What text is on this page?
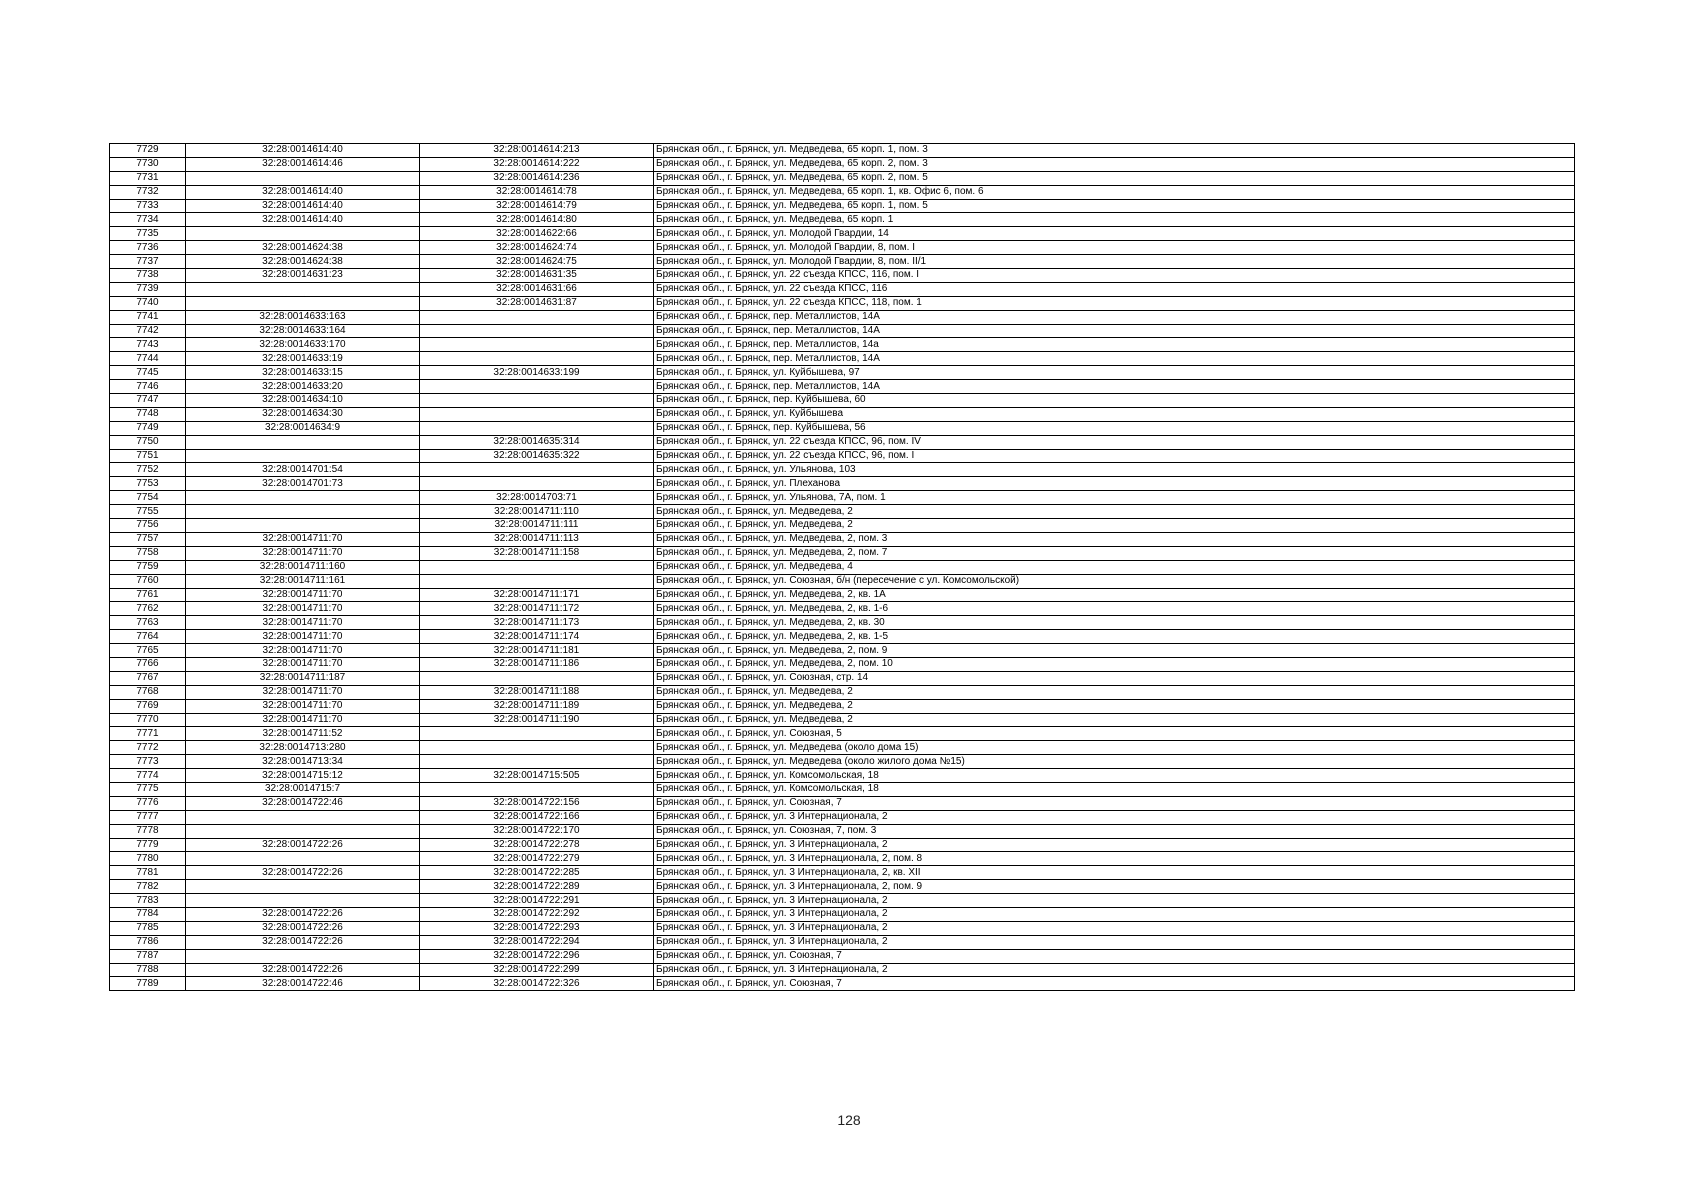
7729	32:28:0014614:40	32:28:0014614:213	Брянская обл., г. Брянск, ул. Медведева, 65 корп. 1, пом. 3
7730	32:28:0014614:46	32:28:0014614:222	Брянская обл., г. Брянск, ул. Медведева, 65 корп. 2, пом. 3
7731		32:28:0014614:236	Брянская обл., г. Брянск, ул. Медведева, 65 корп. 2, пом. 5
7732	32:28:0014614:40	32:28:0014614:78	Брянская обл., г. Брянск, ул. Медведева, 65 корп. 1, кв. Офис 6, пом. 6
7733	32:28:0014614:40	32:28:0014614:79	Брянская обл., г. Брянск, ул. Медведева, 65 корп. 1, пом. 5
7734	32:28:0014614:40	32:28:0014614:80	Брянская обл., г. Брянск, ул. Медведева, 65 корп. 1
7735		32:28:0014622:66	Брянская обл., г. Брянск, ул. Молодой Гвардии, 14
7736	32:28:0014624:38	32:28:0014624:74	Брянская обл., г. Брянск, ул. Молодой Гвардии, 8, пом. I
7737	32:28:0014624:38	32:28:0014624:75	Брянская обл., г. Брянск, ул. Молодой Гвардии, 8, пом. II/1
7738	32:28:0014631:23	32:28:0014631:35	Брянская обл., г. Брянск, ул. 22 съезда КПСС, 116, пом. I
7739		32:28:0014631:66	Брянская обл., г. Брянск, ул. 22 съезда КПСС, 116
7740		32:28:0014631:87	Брянская обл., г. Брянск, ул. 22 съезда КПСС, 118, пом. 1
7741	32:28:0014633:163		Брянская обл., г. Брянск, пер. Металлистов, 14А
7742	32:28:0014633:164		Брянская обл., г. Брянск, пер. Металлистов, 14А
7743	32:28:0014633:170		Брянская обл., г. Брянск, пер. Металлистов, 14а
7744	32:28:0014633:19		Брянская обл., г. Брянск, пер. Металлистов, 14А
7745	32:28:0014633:15	32:28:0014633:199	Брянская обл., г. Брянск, ул. Куйбышева, 97
7746	32:28:0014633:20		Брянская обл., г. Брянск, пер. Металлистов, 14А
7747	32:28:0014634:10		Брянская обл., г. Брянск, пер. Куйбышева, 60
7748	32:28:0014634:30		Брянская обл., г. Брянск, ул. Куйбышева
7749	32:28:0014634:9		Брянская обл., г. Брянск, пер. Куйбышева, 56
7750		32:28:0014635:314	Брянская обл., г. Брянск, ул. 22 съезда КПСС, 96, пом. IV
7751		32:28:0014635:322	Брянская обл., г. Брянск, ул. 22 съезда КПСС, 96, пом. I
7752	32:28:0014701:54		Брянская обл., г. Брянск, ул. Ульянова, 103
7753	32:28:0014701:73		Брянская обл., г. Брянск, ул. Плеханова
7754		32:28:0014703:71	Брянская обл., г. Брянск, ул. Ульянова, 7А, пом. 1
7755		32:28:0014711:110	Брянская обл., г. Брянск, ул. Медведева, 2
7756		32:28:0014711:111	Брянская обл., г. Брянск, ул. Медведева, 2
7757	32:28:0014711:70	32:28:0014711:113	Брянская обл., г. Брянск, ул. Медведева, 2, пом. 3
7758	32:28:0014711:70	32:28:0014711:158	Брянская обл., г. Брянск, ул. Медведева, 2, пом. 7
7759	32:28:0014711:160		Брянская обл., г. Брянск, ул. Медведева, 4
7760	32:28:0014711:161		Брянская обл., г. Брянск, ул. Союзная, б/н (пересечение с ул. Комсомольской)
7761	32:28:0014711:70	32:28:0014711:171	Брянская обл., г. Брянск, ул. Медведева, 2, кв. 1А
7762	32:28:0014711:70	32:28:0014711:172	Брянская обл., г. Брянск, ул. Медведева, 2, кв. 1-6
7763	32:28:0014711:70	32:28:0014711:173	Брянская обл., г. Брянск, ул. Медведева, 2, кв. 30
7764	32:28:0014711:70	32:28:0014711:174	Брянская обл., г. Брянск, ул. Медведева, 2, кв. 1-5
7765	32:28:0014711:70	32:28:0014711:181	Брянская обл., г. Брянск, ул. Медведева, 2, пом. 9
7766	32:28:0014711:70	32:28:0014711:186	Брянская обл., г. Брянск, ул. Медведева, 2, пом. 10
7767	32:28:0014711:187		Брянская обл., г. Брянск, ул. Союзная, стр. 14
7768	32:28:0014711:70	32:28:0014711:188	Брянская обл., г. Брянск, ул. Медведева, 2
7769	32:28:0014711:70	32:28:0014711:189	Брянская обл., г. Брянск, ул. Медведева, 2
7770	32:28:0014711:70	32:28:0014711:190	Брянская обл., г. Брянск, ул. Медведева, 2
7771	32:28:0014711:52		Брянская обл., г. Брянск, ул. Союзная, 5
7772	32:28:0014713:280		Брянская обл., г. Брянск, ул. Медведева (около дома 15)
7773	32:28:0014713:34		Брянская обл., г. Брянск, ул. Медведева (около жилого дома №15)
7774	32:28:0014715:12	32:28:0014715:505	Брянская обл., г. Брянск, ул. Комсомольская, 18
7775	32:28:0014715:7		Брянская обл., г. Брянск, ул. Комсомольская, 18
7776	32:28:0014722:46	32:28:0014722:156	Брянская обл., г. Брянск, ул. Союзная, 7
7777		32:28:0014722:166	Брянская обл., г. Брянск, ул. 3 Интернационала, 2
7778		32:28:0014722:170	Брянская обл., г. Брянск, ул. Союзная, 7, пом. 3
7779	32:28:0014722:26	32:28:0014722:278	Брянская обл., г. Брянск, ул. 3 Интернационала, 2
7780		32:28:0014722:279	Брянская обл., г. Брянск, ул. 3 Интернационала, 2, пом. 8
7781	32:28:0014722:26	32:28:0014722:285	Брянская обл., г. Брянск, ул. 3 Интернационала, 2, кв. XII
7782		32:28:0014722:289	Брянская обл., г. Брянск, ул. 3 Интернационала, 2, пом. 9
7783		32:28:0014722:291	Брянская обл., г. Брянск, ул. 3 Интернационала, 2
7784	32:28:0014722:26	32:28:0014722:292	Брянская обл., г. Брянск, ул. 3 Интернационала, 2
7785	32:28:0014722:26	32:28:0014722:293	Брянская обл., г. Брянск, ул. 3 Интернационала, 2
7786	32:28:0014722:26	32:28:0014722:294	Брянская обл., г. Брянск, ул. 3 Интернационала, 2
7787		32:28:0014722:296	Брянская обл., г. Брянск, ул. Союзная, 7
7788	32:28:0014722:26	32:28:0014722:299	Брянская обл., г. Брянск, ул. 3 Интернационала, 2
7789	32:28:0014722:46	32:28:0014722:326	Брянская обл., г. Брянск, ул. Союзная, 7
128
